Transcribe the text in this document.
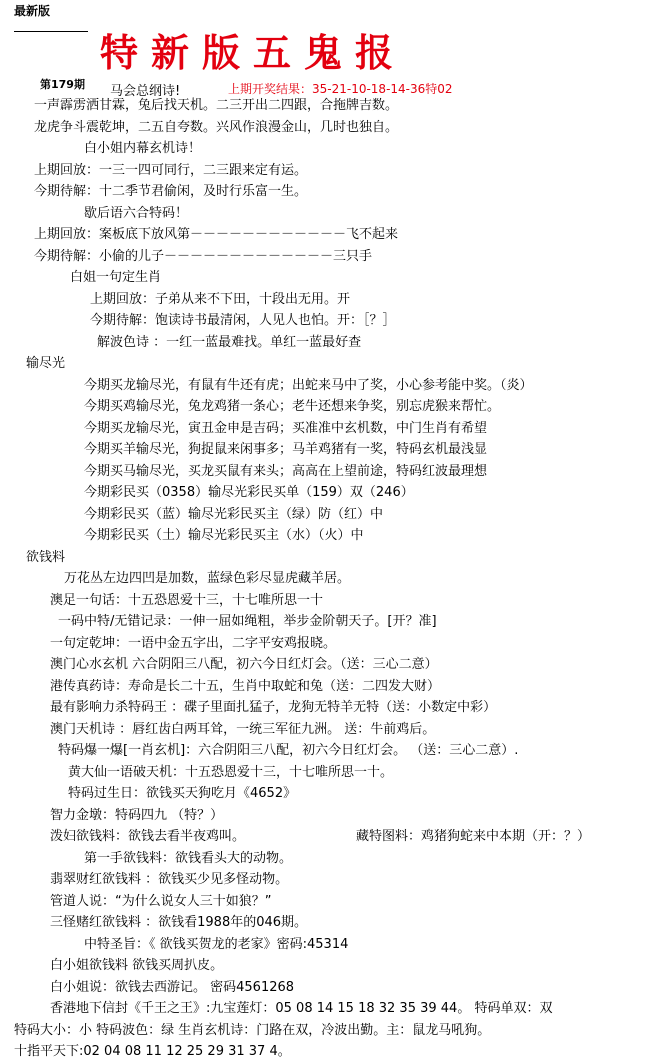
最新版
特新版五鬼报
第179期 马会总纲诗!	上期开奖结果：35-21-10-18-14-36特02
一声霹雳洒甘霖，兔后找天机。二三开出二四跟，合拖牌吉数。
龙虎争斗震乾坤，二五自夸数。兴风作浪漫金山，几时也独自。
白小姐内幕玄机诗！
上期回放：一三一四可同行，二三跟来定有运。
今期待解：十二季节君偷闲，及时行乐富一生。
歇后语六合特码！
上期回放：案板底下放风第－－－－－－－－－－－－飞不起来
今期待解：小偷的儿子－－－－－－－－－－－－－三只手
白姐一句定生肖
上期回放：子弟从来不下田，十段出无用。开
今期待解：饱读诗书最清闲，人见人也怕。开：［？］
解波色诗 ：一红一蓝最难找。单红一蓝最好查
输尽光
今期买龙输尽光，有鼠有牛还有虎；出蛇来马中了奖，小心参考能中奖。（炎）
今期买鸡输尽光，兔龙鸡猪一条心；老牛还想来争奖，别忘虎猴来帮忙。
今期买龙输尽光，寅丑金申是吉码；买准准中玄机数，中门生肖有希望
今期买羊输尽光，狗捉鼠来闲事多；马羊鸡猪有一奖，特码玄机最浅显
今期买马输尽光，买龙买鼠有来头；高高在上望前途，特码红波最理想
今期彩民买（0358）输尽光彩民买单（159）双（246）
今期彩民买（蓝）输尽光彩民买主（绿）防（红）中
今期彩民买（土）输尽光彩民买主（水）（火）中
欲钱料
万花丛左边四凹是加数，蓝绿色彩尽显虎藏羊居。
澳足一句话：十五恐恩爱十三，十七唯所思一十
一码中特/无错记录：一伸一屈如绳粗，举步金阶朝天子。[开？准]
一句定乾坤：一语中金五字出，二字平安鸡报晓。
澳门心水玄机 六合阴阳三八配，初六今日红灯会。（送：三心二意）
港传真药诗：寿命是长二十五，生肖中取蛇和兔（送：二四发大财）
最有影响力杀特码王 ：碟子里面扎猛子，龙狗无特羊无特（送：小数定中彩）
澳门天机诗 ：唇红齿白两耳耸，一统三军征九洲。 送：牛前鸡后。
特码爆一爆[一肖玄机]：六合阴阳三八配，初六今日红灯会。 （送：三心二意）.
黄大仙一语破天机：十五恐恩爱十三，十七唯所思一十。
特码过生日：欲钱买天狗吃月《4652》
智力金墩：特码四九 （特？）
泼妇欲钱料：欲钱去看半夜鸡叫。	藏特图料：鸡猪狗蛇来中本期（开：？）
第一手欲钱料：欲钱看头大的动物。
翡翠财红欲钱料 ：欲钱买少见多怪动物。
管道人说：“为什么说女人三十如狼？”
三怪赌红欲钱料 ：欲钱看1988年的046期。
中特圣旨：《 欲钱买贺龙的老家》密码:45314
白小姐欲钱料 欲钱买周扒皮。
白小姐说：欲钱去西游记。 密码4561268
香港地下信封《千王之王》:九宝莲灯：05 08 14 15 18 32 35 39 44。 特码单双：双
特码大小：小 特码波色：绿 生肖玄机诗：门路在双，冷波出勤。主：鼠龙马吼狗。
十指平天下:02 04 08 11 12 25 29 31 37 4。
